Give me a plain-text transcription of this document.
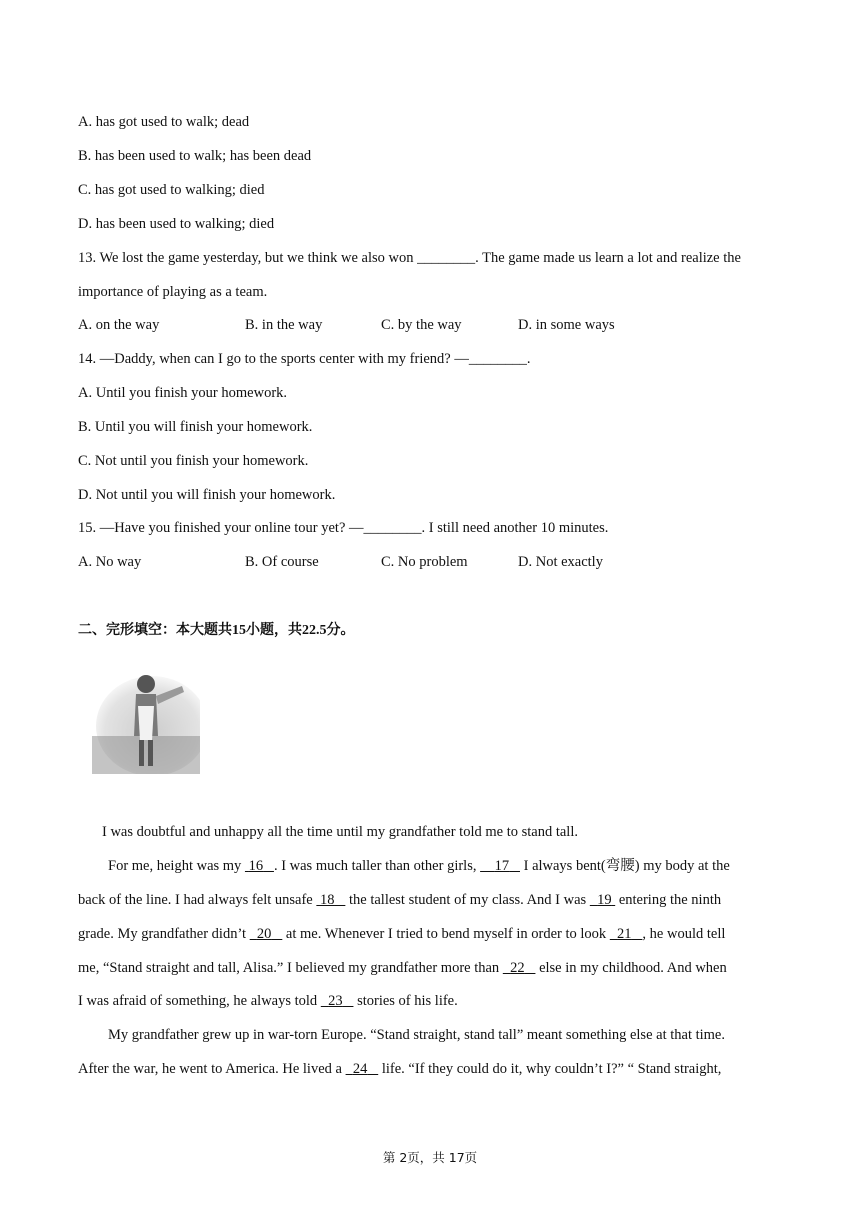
A. has got used to walk; dead
B. has been used to walk; has been dead
C. has got used to walking; died
D. has been used to walking; died
13. We lost the game yesterday, but we think we also won ________. The game made us learn a lot and realize the
importance of playing as a team.
A. on the way	B. in the way	C. by the way	D. in some ways
14. —Daddy, when can I go to the sports center with my friend? —________.
A. Until you finish your homework.
B. Until you will finish your homework.
C. Not until you finish your homework.
D. Not until you will finish your homework.
15. —Have you finished your online tour yet? —________. I still need another 10 minutes.
A. No way	B. Of course	C. No problem	D. Not exactly
二、完形填空：本大题共15小题，共22.5分。
I was doubtful and unhappy all the time until my grandfather told me to stand tall.
For me, height was my  16 . I was much taller than other girls,     17    I always bent(弯腰) my body at the
back of the line. I had always felt unsafe  18    the tallest student of my class. And I was   19  entering the ninth
grade. My grandfather didn’t   20    at me. Whenever I tried to bend myself in order to look   21 , he would tell
me, “Stand straight and tall, Alisa.” I believed my grandfather more than   22    else in my childhood. And when
I was afraid of something, he always told   23    stories of his life.
My grandfather grew up in war-torn Europe. “Stand straight, stand tall” meant something else at that time.
After the war, he went to America. He lived a   24    life. “If they could do it, why couldn’t I?” “ Stand straight,
第 2页，共 17页
